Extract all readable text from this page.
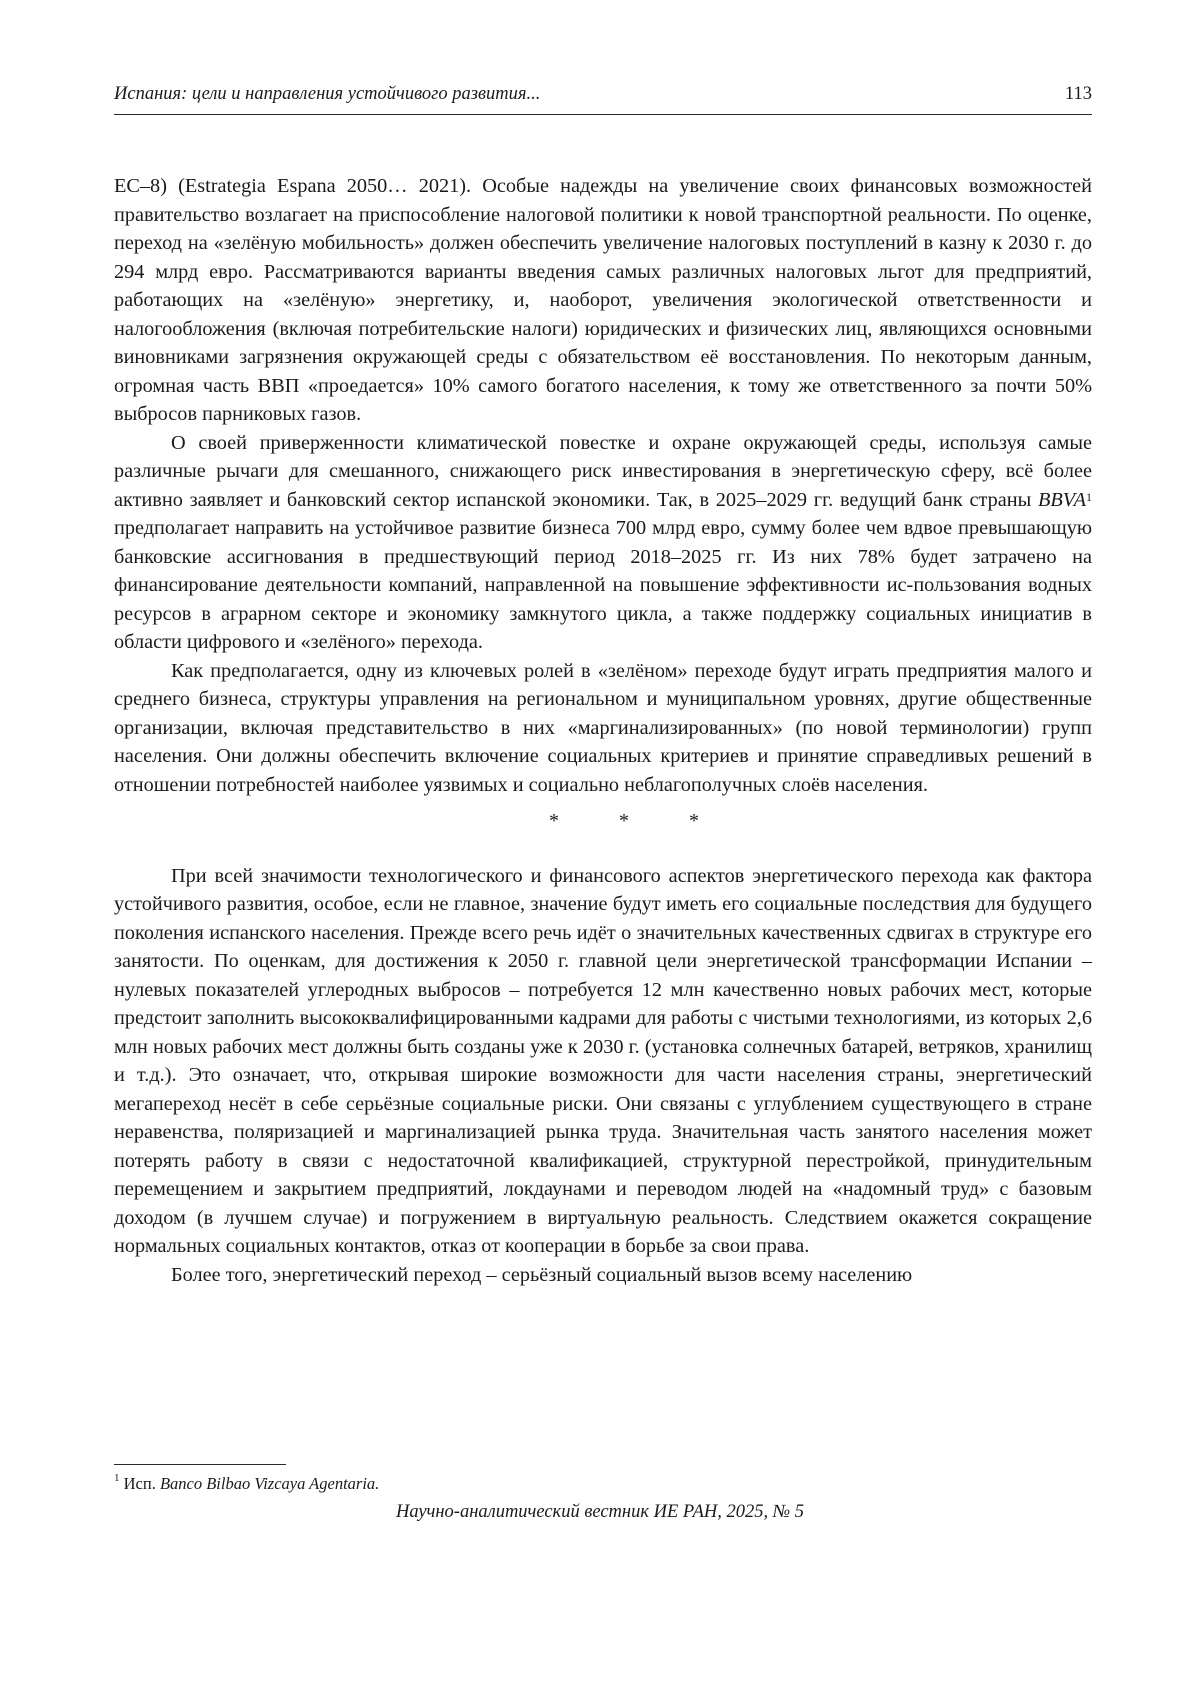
Испания: цели и направления устойчивого развития...	113

ЕС–8) (Estrategia Espana 2050… 2021). Особые надежды на увеличение своих финансовых возможностей правительство возлагает на приспособление налоговой политики к новой транспортной реальности. По оценке, переход на «зелёную мобильность» должен обеспечить увеличение налоговых поступлений в казну к 2030 г. до 294 млрд евро. Рассматриваются варианты введения самых различных налоговых льгот для предприятий, работающих на «зелёную» энергетику, и, наоборот, увеличения экологической ответственности и налогообложения (включая потребительские налоги) юридических и физических лиц, являющихся основными виновниками загрязнения окружающей среды с обязательством её восстановления. По некоторым данным, огромная часть ВВП «проедается» 10% самого богатого населения, к тому же ответственного за почти 50% выбросов парниковых газов.

О своей приверженности климатической повестке и охране окружающей среды, используя самые различные рычаги для смешанного, снижающего риск инвестирования в энергетическую сферу, всё более активно заявляет и банковский сектор испанской экономики. Так, в 2025–2029 гг. ведущий банк страны BBVA$^1$ предполагает направить на устойчивое развитие бизнеса 700 млрд евро, сумму более чем вдвое превышающую банковские ассигнования в предшествующий период 2018–2025 гг. Из них 78% будет затрачено на финансирование деятельности компаний, направленной на повышение эффективности ис-пользования водных ресурсов в аграрном секторе и экономику замкнутого цикла, а также поддержку социальных инициатив в области цифрового и «зелёного» перехода.

Как предполагается, одну из ключевых ролей в «зелёном» переходе будут играть предприятия малого и среднего бизнеса, структуры управления на региональном и муниципальном уровнях, другие общественные организации, включая представительство в них «маргинализированных» (по новой терминологии) групп населения. Они должны обеспечить включение социальных критериев и принятие справедливых решений в отношении потребностей наиболее уязвимых и социально неблагополучных слоёв населения.

*	*	*

При всей значимости технологического и финансового аспектов энергетического перехода как фактора устойчивого развития, особое, если не главное, значение будут иметь его социальные последствия для будущего поколения испанского населения. Прежде всего речь идёт о значительных качественных сдвигах в структуре его занятости. По оценкам, для достижения к 2050 г. главной цели энергетической трансформации Испании – нулевых показателей углеродных выбросов – потребуется 12 млн качественно новых рабочих мест, которые предстоит заполнить высококвалифицированными кадрами для работы с чистыми технологиями, из которых 2,6 млн новых рабочих мест должны быть созданы уже к 2030 г. (установка солнечных батарей, ветряков, хранилищ и т.д.). Это означает, что, открывая широкие возможности для части населения страны, энергетический мегапереход несёт в себе серьёзные социальные риски. Они связаны с углублением существующего в стране неравенства, поляризацией и маргинализацией рынка труда. Значительная часть занятого населения может потерять работу в связи с недостаточной квалификацией, структурной перестройкой, принудительным перемещением и закрытием предприятий, локдаунами и переводом людей на «надомный труд» с базовым доходом (в лучшем случае) и погружением в виртуальную реальность. Следствием окажется сокращение нормальных социальных контактов, отказ от кооперации в борьбе за свои права.

Более того, энергетический переход – серьёзный социальный вызов всему населению

$^1$ Исп. Banco Bilbao Vizcaya Agentaria.
Научно-аналитический вестник ИЕ РАН, 2025, № 5
